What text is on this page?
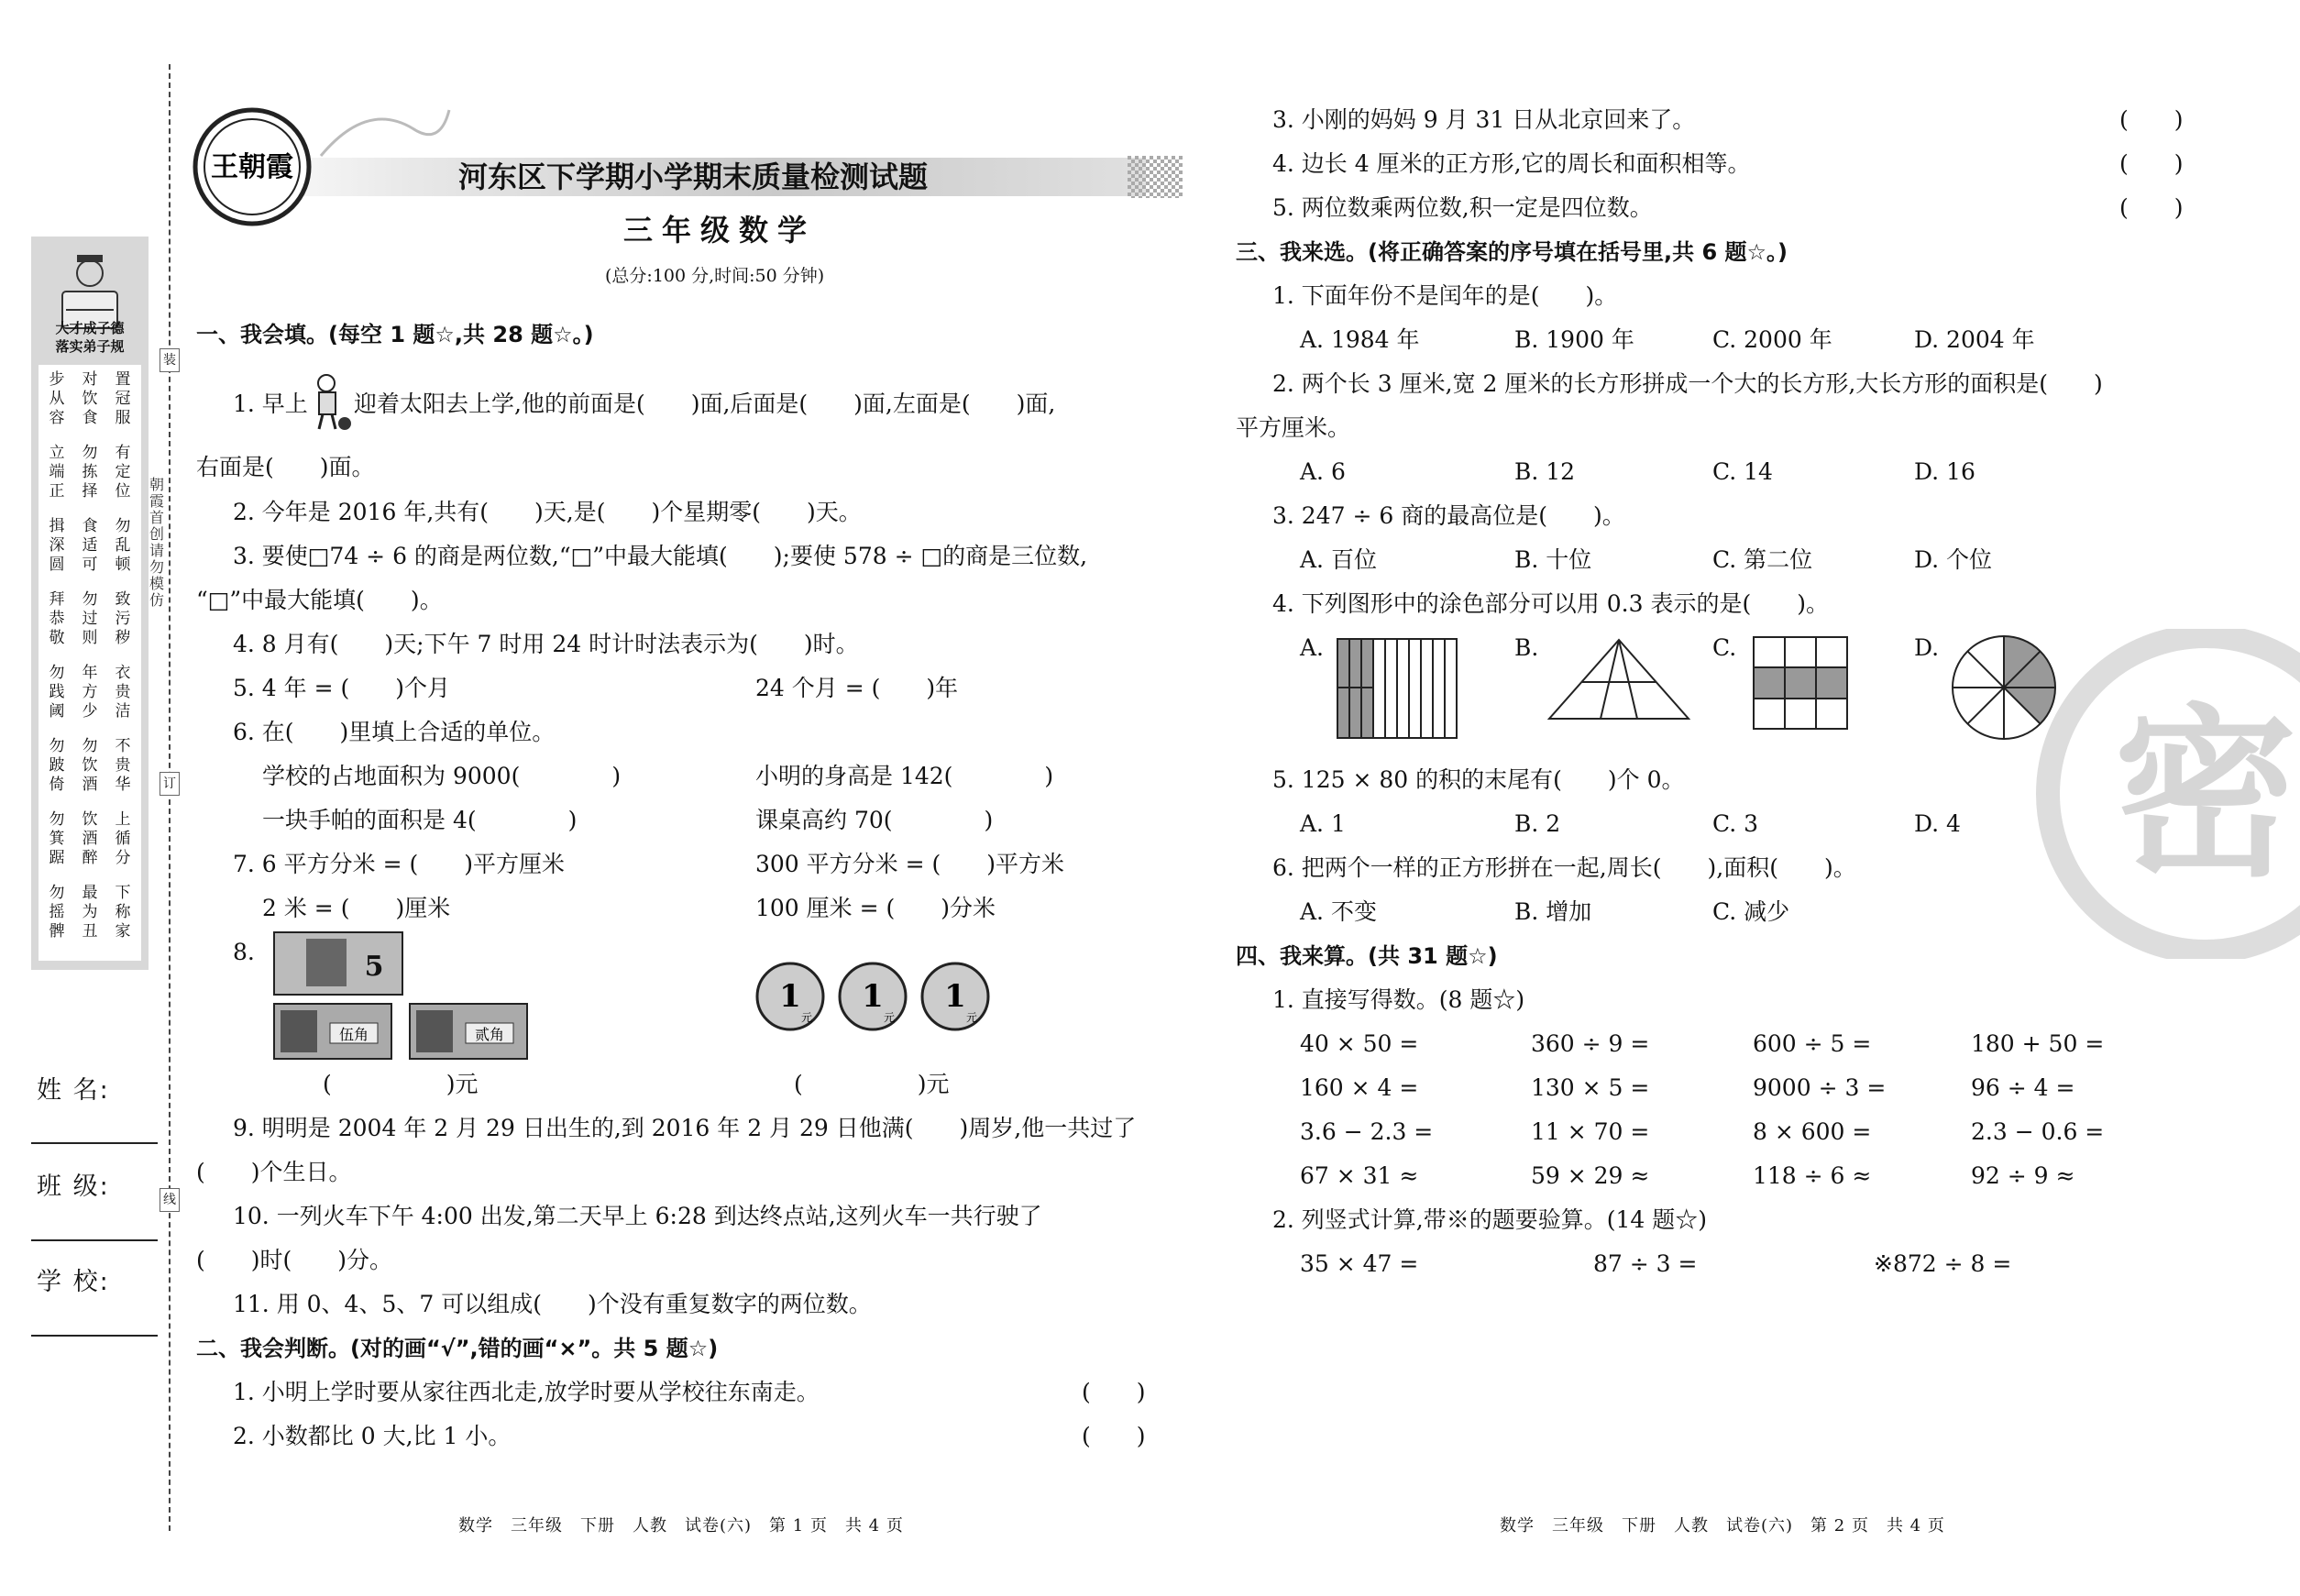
大才成子德
落实弟子规
步
从
容
对
饮
食
置
冠
服
立
端
正
勿
拣
择
有
定
位
揖
深
圆
食
适
可
勿
乱
顿
拜
恭
敬
勿
过
则
致
污
秽
勿
践
阈
年
方
少
衣
贵
洁
勿
跛
倚
勿
饮
酒
不
贵
华
勿
箕
踞
饮
酒
醉
上
循
分
勿
摇
髀
最
为
丑
下
称
家
姓 名:
班 级:
学 校:
装
订
线
朝霞首创 请勿模仿
王朝霞	河东区下学期小学期末质量检测试题
三年级数学
(总分:100 分,时间:50 分钟)
一、我会填。(每空 1 题☆,共 28 题☆。)
1. 早上 迎着太阳去上学,他的前面是(　　)面,后面是(　　)面,左面是(　　)面,
右面是(　　)面。
2. 今年是 2016 年,共有(　　)天,是(　　)个星期零(　　)天。
3. 要使□74 ÷ 6 的商是两位数,“□”中最大能填(　　);要使 578 ÷ □的商是三位数,
“□”中最大能填(　　)。
4. 8 月有(　　)天;下午 7 时用 24 时计时法表示为(　　)时。
5. 4 年 = (　　)个月	24 个月 = (　　)年
6. 在(　　)里填上合适的单位。
学校的占地面积为 9000(　　　　)	小明的身高是 142(　　　　)
一块手帕的面积是 4(　　　　)	课桌高约 70(　　　　)
7. 6 平方分米 = (　　)平方厘米	300 平方分米 = (　　)平方米
2 米 = (　　)厘米	100 厘米 = (　　)分米
8.	5
伍角	贰角
1
元
1
元
1
元
(　　　　　)元	(　　　　　)元
9. 明明是 2004 年 2 月 29 日出生的,到 2016 年 2 月 29 日他满(　　)周岁,他一共过了
(　　)个生日。
10. 一列火车下午 4:00 出发,第二天早上 6:28 到达终点站,这列火车一共行驶了
(　　)时(　　)分。
11. 用 0、4、5、7 可以组成(　　)个没有重复数字的两位数。
二、我会判断。(对的画“√”,错的画“×”。共 5 题☆)
1. 小明上学时要从家往西北走,放学时要从学校往东南走。	(　　)
2. 小数都比 0 大,比 1 小。	(　　)
数学　三年级　下册　人教　试卷(六)　第 1 页　共 4 页
密
3. 小刚的妈妈 9 月 31 日从北京回来了。	(　　)
4. 边长 4 厘米的正方形,它的周长和面积相等。	(　　)
5. 两位数乘两位数,积一定是四位数。	(　　)
三、我来选。(将正确答案的序号填在括号里,共 6 题☆。)
1. 下面年份不是闰年的是(　　)。
A. 1984 年	B. 1900 年	C. 2000 年	D. 2004 年
2. 两个长 3 厘米,宽 2 厘米的长方形拼成一个大的长方形,大长方形的面积是(　　)
平方厘米。
A. 6	B. 12	C. 14	D. 16
3. 247 ÷ 6 商的最高位是(　　)。
A. 百位	B. 十位	C. 第二位	D. 个位
4. 下列图形中的涂色部分可以用 0.3 表示的是(　　)。
A.	B.	C.	D.
5. 125 × 80 的积的末尾有(　　)个 0。
A. 1	B. 2	C. 3	D. 4
6. 把两个一样的正方形拼在一起,周长(　　),面积(　　)。
A. 不变	B. 增加	C. 减少
四、我来算。(共 31 题☆)
1. 直接写得数。(8 题☆)
40 × 50 =	360 ÷ 9 =	600 ÷ 5 =	180 + 50 =
160 × 4 =	130 × 5 =	9000 ÷ 3 =	96 ÷ 4 =
3.6 − 2.3 =	11 × 70 =	8 × 600 =	2.3 − 0.6 =
67 × 31 ≈	59 × 29 ≈	118 ÷ 6 ≈	92 ÷ 9 ≈
2. 列竖式计算,带※的题要验算。(14 题☆)
35 × 47 =	87 ÷ 3 =	※872 ÷ 8 =
数学　三年级　下册　人教　试卷(六)　第 2 页　共 4 页
